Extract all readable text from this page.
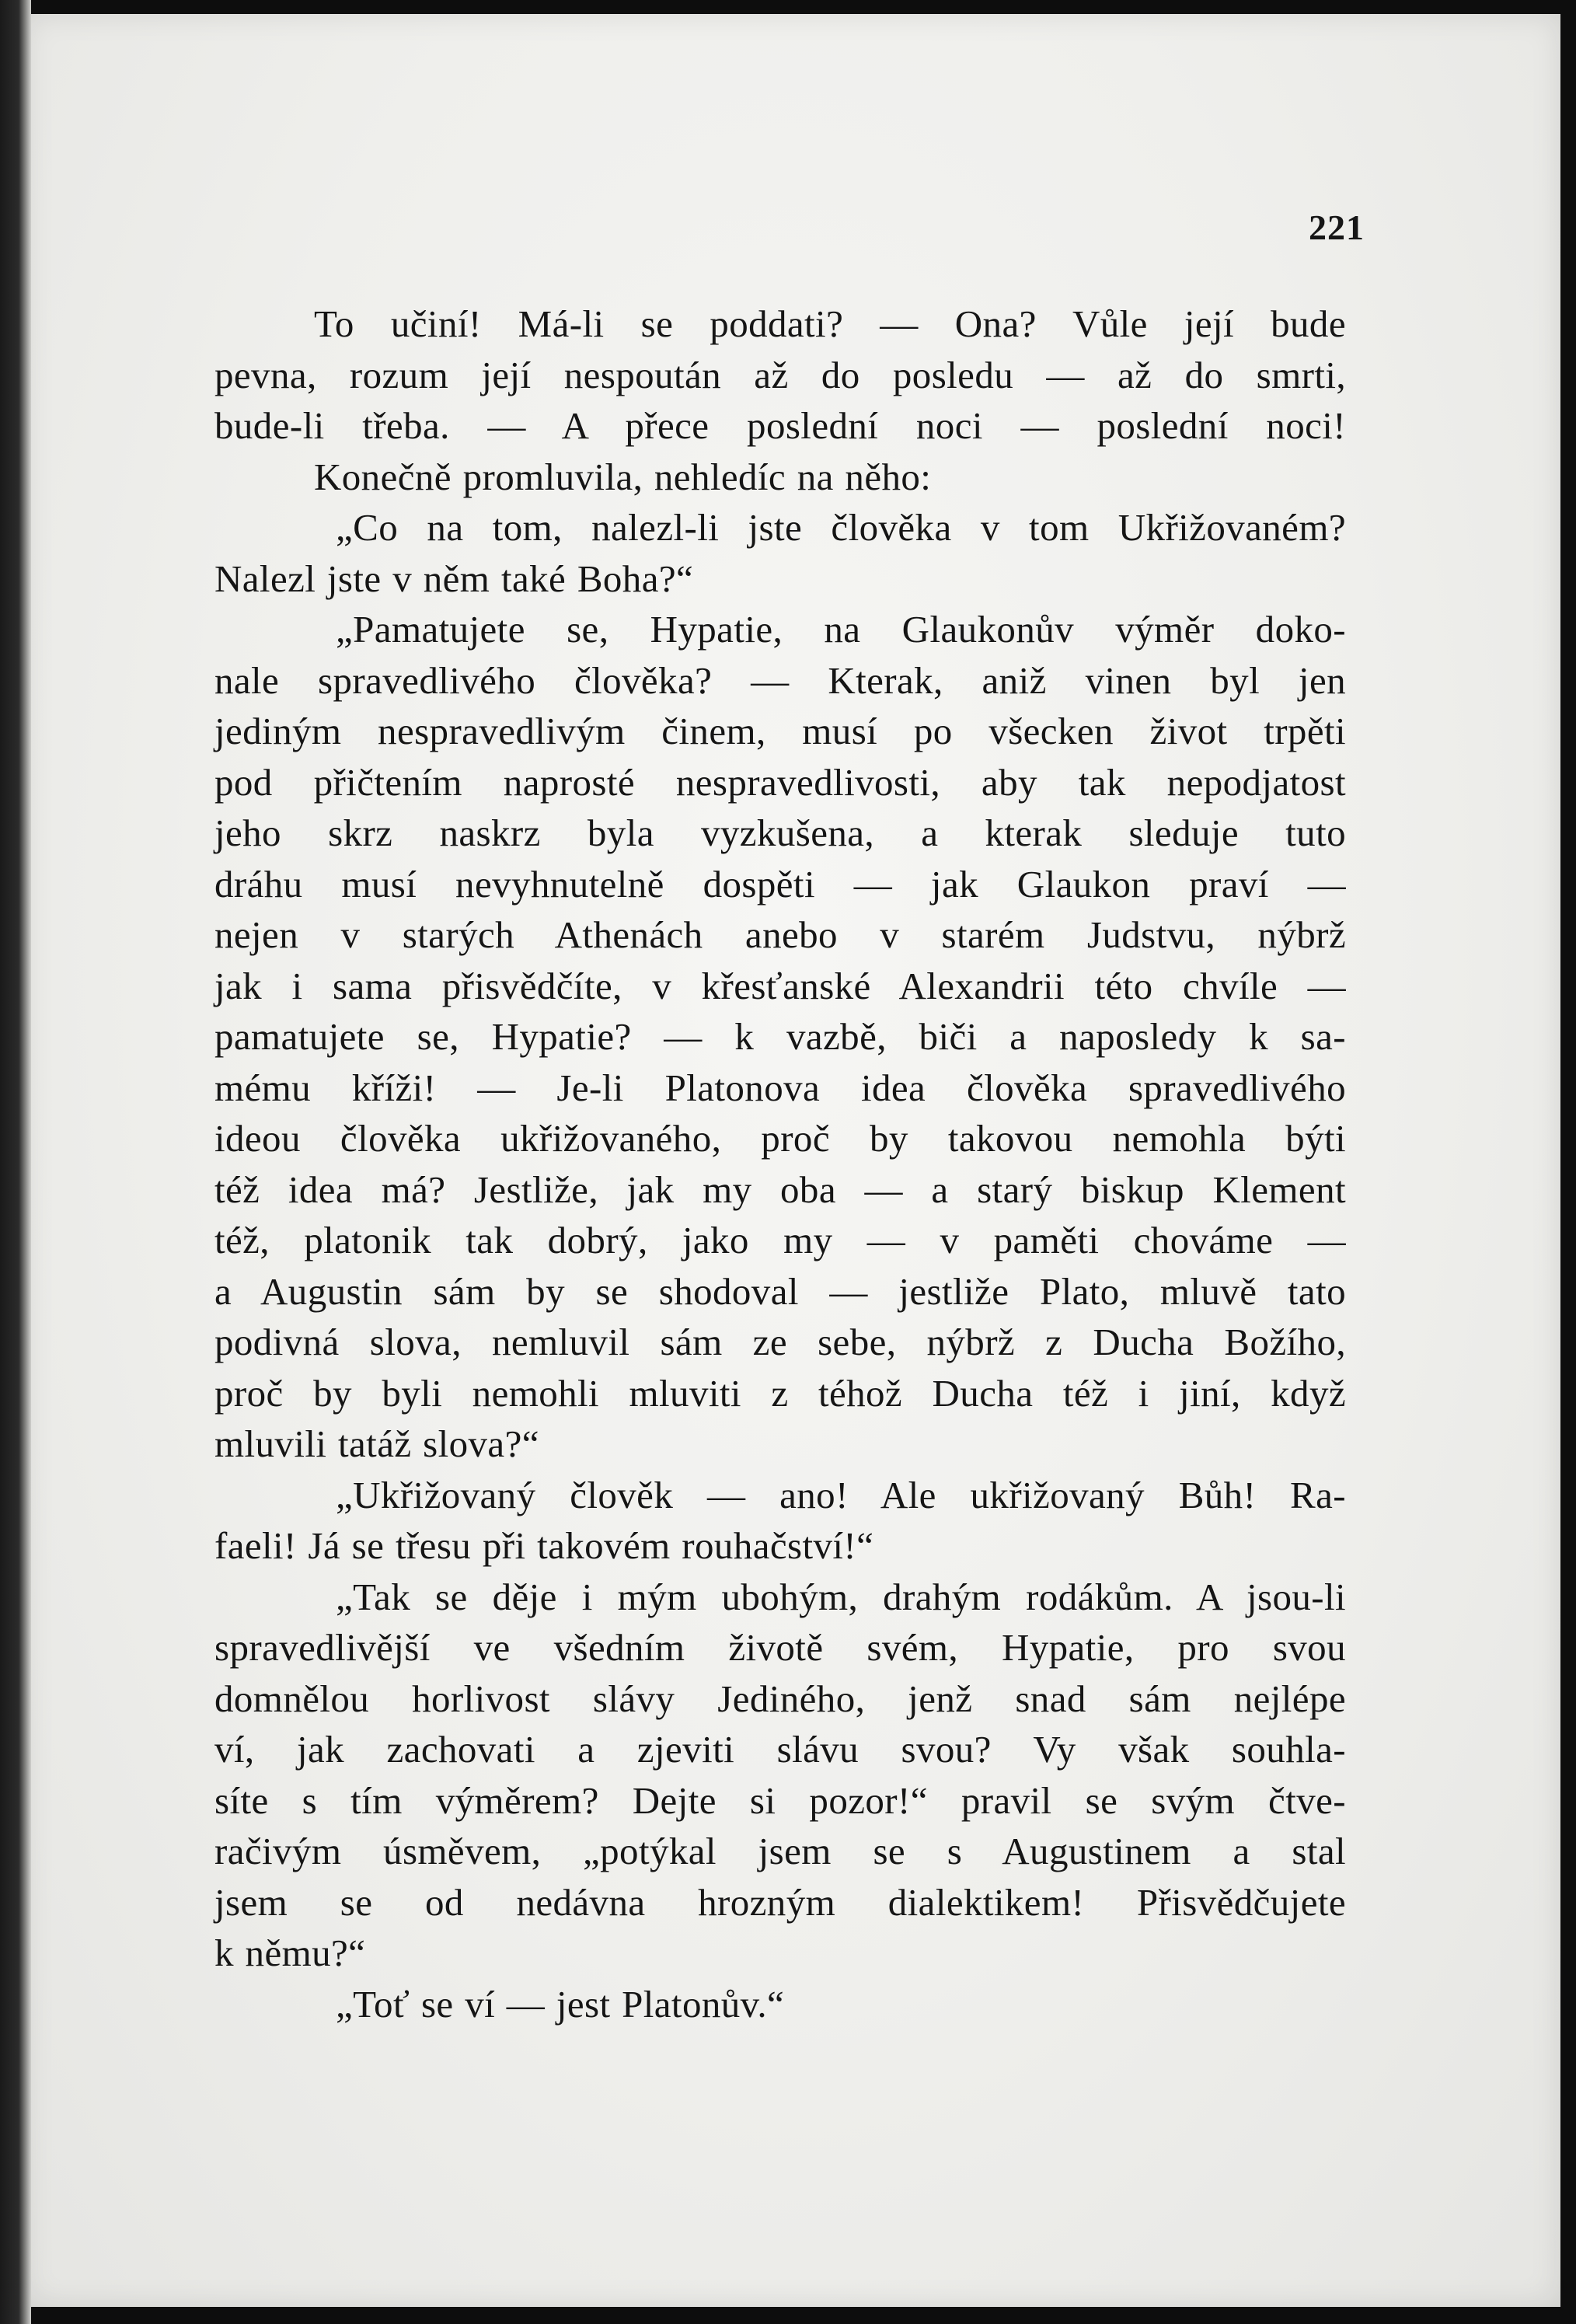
221
To učiní! Má-li se poddati? — Ona? Vůle její bude
pevna, rozum její nespoután až do posledu — až do smrti,
bude-li třeba. — A přece poslední noci — poslední noci!
Konečně promluvila, nehledíc na něho:
„Co na tom, nalezl-li jste člověka v tom Ukřižovaném?
Nalezl jste v něm také Boha?“
„Pamatujete se, Hypatie, na Glaukonův výměr doko-
nale spravedlivého člověka? — Kterak, aniž vinen byl jen
jediným nespravedlivým činem, musí po všecken život trpěti
pod přičtením naprosté nespravedlivosti, aby tak nepodjatost
jeho skrz naskrz byla vyzkušena, a kterak sleduje tuto
dráhu musí nevyhnutelně dospěti — jak Glaukon praví —
nejen v starých Athenách anebo v starém Judstvu, nýbrž
jak i sama přisvědčíte, v křesťanské Alexandrii této chvíle —
pamatujete se, Hypatie? — k vazbě, biči a naposledy k sa-
mému kříži! — Je-li Platonova idea člověka spravedlivého
ideou člověka ukřižovaného, proč by takovou nemohla býti
též idea má? Jestliže, jak my oba — a starý biskup Klement
též, platonik tak dobrý, jako my — v paměti chováme —
a Augustin sám by se shodoval — jestliže Plato, mluvě tato
podivná slova, nemluvil sám ze sebe, nýbrž z Ducha Božího,
proč by byli nemohli mluviti z téhož Ducha též i jiní, když
mluvili tatáž slova?“
„Ukřižovaný člověk — ano! Ale ukřižovaný Bůh! Ra-
faeli! Já se třesu při takovém rouhačství!“
„Tak se děje i mým ubohým, drahým rodákům. A jsou-li
spravedlivější ve všedním životě svém, Hypatie, pro svou
domnělou horlivost slávy Jediného, jenž snad sám nejlépe
ví, jak zachovati a zjeviti slávu svou? Vy však souhla-
síte s tím výměrem? Dejte si pozor!“ pravil se svým čtve-
račivým úsměvem, „potýkal jsem se s Augustinem a stal
jsem se od nedávna hrozným dialektikem! Přisvědčujete
k němu?“
„Toť se ví — jest Platonův.“
